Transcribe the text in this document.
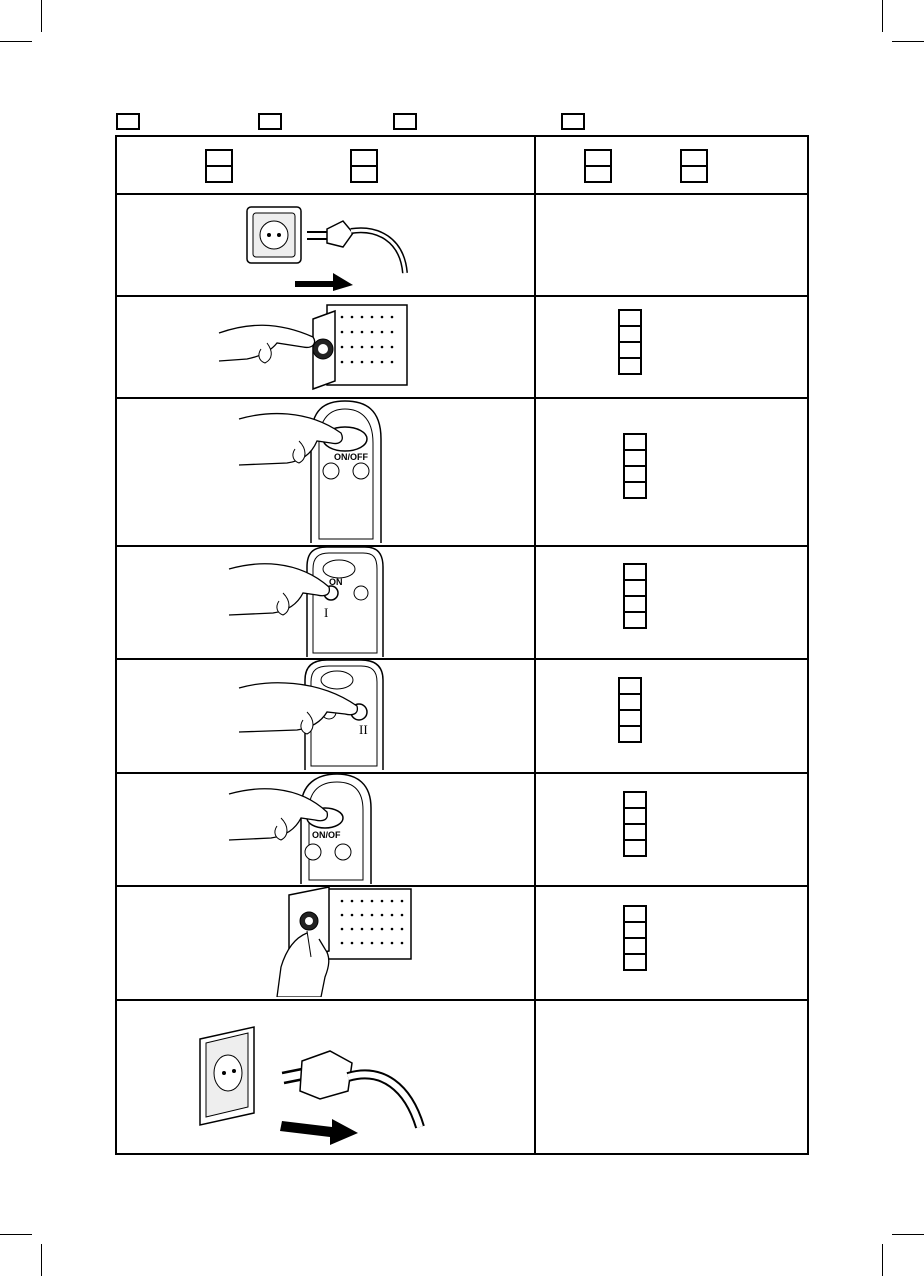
ON/OFF
ON
I
II
ON/OF
